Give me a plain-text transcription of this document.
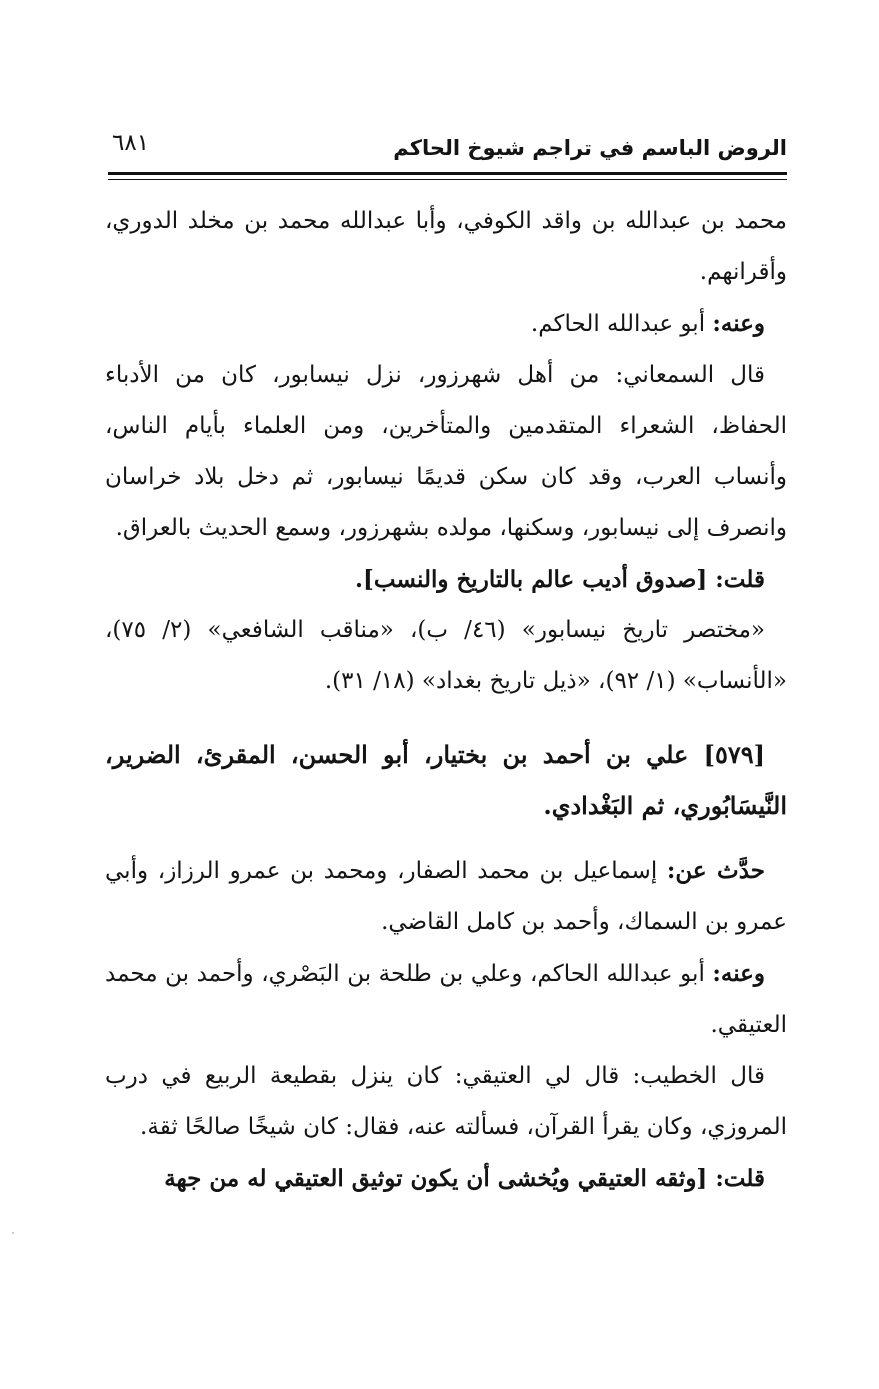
الروض الباسم في تراجم شيوخ الحاكم
٦٨١

محمد بن عبدالله بن واقد الكوفي، وأبا عبدالله محمد بن مخلد الدوري، وأقرانهم.

وعنه: أبو عبدالله الحاكم.

قال السمعاني: من أهل شهرزور، نزل نيسابور، كان من الأدباء الحفاظ، الشعراء المتقدمين والمتأخرين، ومن العلماء بأيام الناس، وأنساب العرب، وقد كان سكن قديمًا نيسابور، ثم دخل بلاد خراسان وانصرف إلى نيسابور، وسكنها، مولده بشهرزور، وسمع الحديث بالعراق.

قلت: [صدوق أديب عالم بالتاريخ والنسب].

«مختصر تاريخ نيسابور» (٤٦/ ب)، «مناقب الشافعي» (٢/ ٧٥)، «الأنساب» (١/ ٩٢)، «ذيل تاريخ بغداد» (١٨/ ٣١).

[٥٧٩] علي بن أحمد بن بختيار، أبو الحسن، المقرئ، الضرير، النَّيسَابُوري، ثم البَغْدادي.

حدَّث عن: إسماعيل بن محمد الصفار، ومحمد بن عمرو الرزاز، وأبي عمرو بن السماك، وأحمد بن كامل القاضي.

وعنه: أبو عبدالله الحاكم، وعلي بن طلحة بن البَصْري، وأحمد بن محمد العتيقي.

قال الخطيب: قال لي العتيقي: كان ينزل بقطيعة الربيع في درب المروزي، وكان يقرأ القرآن، فسألته عنه، فقال: كان شيخًا صالحًا ثقة.

قلت: [وثقه العتيقي ويُخشى أن يكون توثيق العتيقي له من جهة
